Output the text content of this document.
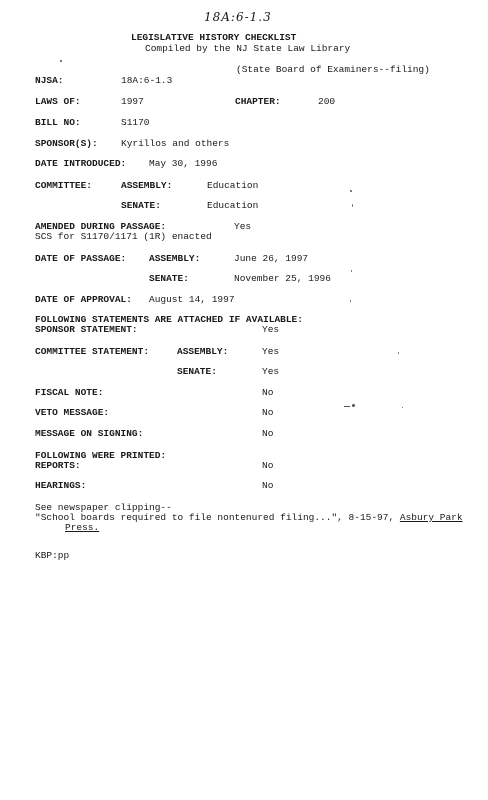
18A:6-1.3
LEGISLATIVE HISTORY CHECKLIST
Compiled by the NJ State Law Library
(State Board of Examiners--filing)
NJSA:	18A:6-1.3
LAWS OF:	1997	CHAPTER:	200
BILL NO:	S1170
SPONSOR(S): Kyrillos and others
DATE INTRODUCED: May 30, 1996
COMMITTEE:	ASSEMBLY:	Education
SENATE:	Education
AMENDED DURING PASSAGE:	Yes
SCS for S1170/1171 (1R) enacted
DATE OF PASSAGE: ASSEMBLY:	June 26, 1997
SENATE:	November 25, 1996
DATE OF APPROVAL: August 14, 1997
FOLLOWING STATEMENTS ARE ATTACHED IF AVAILABLE:
SPONSOR STATEMENT:	Yes
COMMITTEE STATEMENT:	ASSEMBLY:	Yes
SENATE:	Yes
FISCAL NOTE:	No
VETO MESSAGE:	No
MESSAGE ON SIGNING:	No
FOLLOWING WERE PRINTED:
REPORTS:	No
HEARINGS:	No
See newspaper clipping--
"School boards required to file nontenured filing...", 8-15-97, Asbury Park
Press.
KBP:pp
